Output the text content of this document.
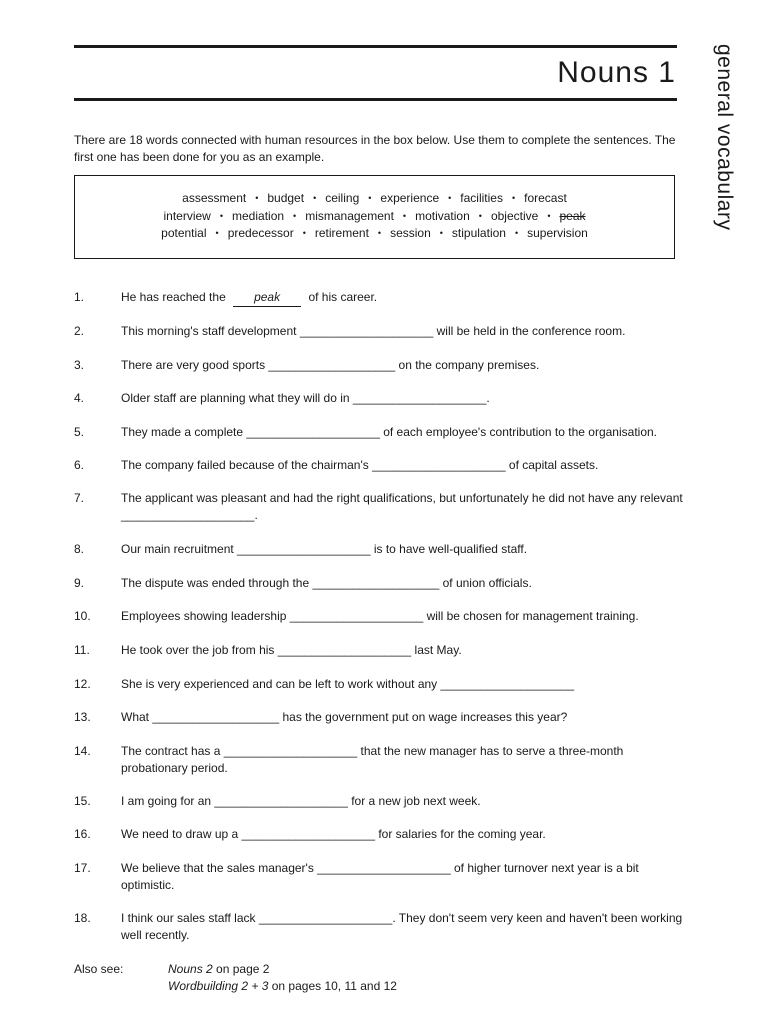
Nouns 1 general vocabulary

There are 18 words connected with human resources in the box below. Use them to complete the sentences. The first one has been done for you as an example.

assessment • budget • ceiling • experience • facilities • forecast
interview • mediation • mismanagement • motivation • objective • peak
potential • predecessor • retirement • session • stipulation • supervision
1.	He has reached the peak of his career.
2.	This morning's staff development ____________________ will be held in the conference room.
3.	There are very good sports ___________________ on the company premises.
4.	Older staff are planning what they will do in ____________________.
5.	They made a complete ____________________ of each employee's contribution to the organisation.
6.	The company failed because of the chairman's ____________________ of capital assets.
7.	The applicant was pleasant and had the right qualifications, but unfortunately he did not have any relevant ____________________.
8.	Our main recruitment ____________________ is to have well-qualified staff.
9.	The dispute was ended through the ___________________ of union officials.
10.	Employees showing leadership ____________________ will be chosen for management training.
11.	He took over the job from his ____________________ last May.
12.	She is very experienced and can be left to work without any ____________________
13.	What ___________________ has the government put on wage increases this year?
14.	The contract has a ____________________ that the new manager has to serve a three-month probationary period.
15.	I am going for an ____________________ for a new job next week.
16.	We need to draw up a ____________________ for salaries for the coming year.
17.	We believe that the sales manager's ____________________ of higher turnover next year is a bit optimistic.
18.	I think our sales staff lack ____________________. They don't seem very keen and haven't been working well recently.
Also see:	Nouns 2 on page 2
Wordbuilding 2 + 3 on pages 10, 11 and 12
